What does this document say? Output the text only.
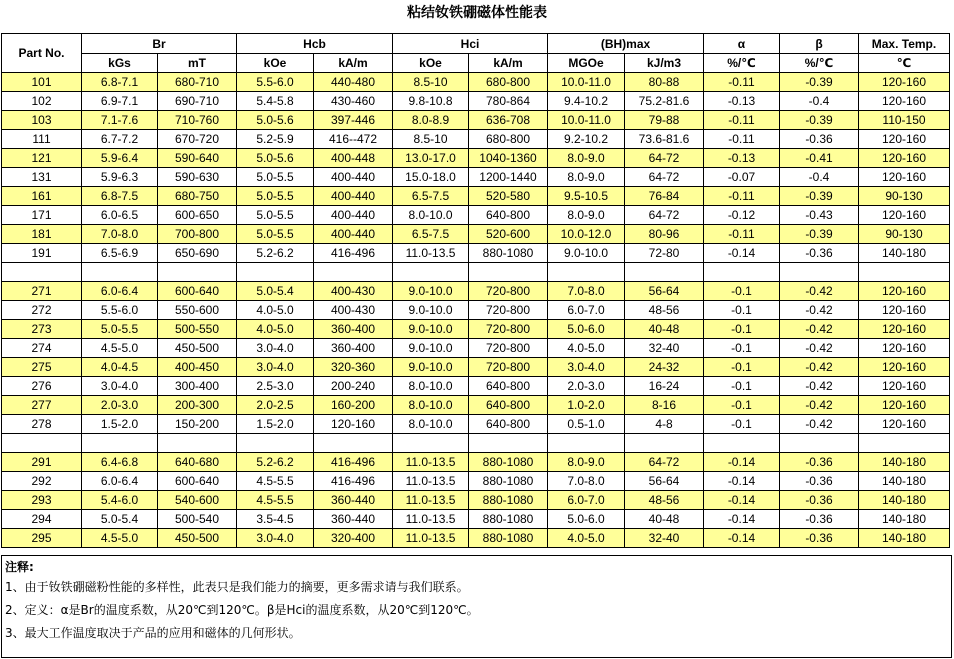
粘结钕铁硼磁体性能表
Part No.	Br		Hcb		Hci		(BH)max		α	β	Max. Temp.
	kGs	mT	kOe	kA/m	kOe	kA/m	MGOe	kJ/m3	%/℃	%/℃	℃
101	6.8-7.1	680-710	5.5-6.0	440-480	8.5-10	680-800	10.0-11.0	80-88	-0.11	-0.39	120-160
102	6.9-7.1	690-710	5.4-5.8	430-460	9.8-10.8	780-864	9.4-10.2	75.2-81.6	-0.13	-0.4	120-160
103	7.1-7.6	710-760	5.0-5.6	397-446	8.0-8.9	636-708	10.0-11.0	79-88	-0.11	-0.39	110-150
111	6.7-7.2	670-720	5.2-5.9	416--472	8.5-10	680-800	9.2-10.2	73.6-81.6	-0.11	-0.36	120-160
121	5.9-6.4	590-640	5.0-5.6	400-448	13.0-17.0	1040-1360	8.0-9.0	64-72	-0.13	-0.41	120-160
131	5.9-6.3	590-630	5.0-5.5	400-440	15.0-18.0	1200-1440	8.0-9.0	64-72	-0.07	-0.4	120-160
161	6.8-7.5	680-750	5.0-5.5	400-440	6.5-7.5	520-580	9.5-10.5	76-84	-0.11	-0.39	90-130
171	6.0-6.5	600-650	5.0-5.5	400-440	8.0-10.0	640-800	8.0-9.0	64-72	-0.12	-0.43	120-160
181	7.0-8.0	700-800	5.0-5.5	400-440	6.5-7.5	520-600	10.0-12.0	80-96	-0.11	-0.39	90-130
191	6.5-6.9	650-690	5.2-6.2	416-496	11.0-13.5	880-1080	9.0-10.0	72-80	-0.14	-0.36	140-180

271	6.0-6.4	600-640	5.0-5.4	400-430	9.0-10.0	720-800	7.0-8.0	56-64	-0.1	-0.42	120-160
272	5.5-6.0	550-600	4.0-5.0	400-430	9.0-10.0	720-800	6.0-7.0	48-56	-0.1	-0.42	120-160
273	5.0-5.5	500-550	4.0-5.0	360-400	9.0-10.0	720-800	5.0-6.0	40-48	-0.1	-0.42	120-160
274	4.5-5.0	450-500	3.0-4.0	360-400	9.0-10.0	720-800	4.0-5.0	32-40	-0.1	-0.42	120-160
275	4.0-4.5	400-450	3.0-4.0	320-360	9.0-10.0	720-800	3.0-4.0	24-32	-0.1	-0.42	120-160
276	3.0-4.0	300-400	2.5-3.0	200-240	8.0-10.0	640-800	2.0-3.0	16-24	-0.1	-0.42	120-160
277	2.0-3.0	200-300	2.0-2.5	160-200	8.0-10.0	640-800	1.0-2.0	8-16	-0.1	-0.42	120-160
278	1.5-2.0	150-200	1.5-2.0	120-160	8.0-10.0	640-800	0.5-1.0	4-8	-0.1	-0.42	120-160

291	6.4-6.8	640-680	5.2-6.2	416-496	11.0-13.5	880-1080	8.0-9.0	64-72	-0.14	-0.36	140-180
292	6.0-6.4	600-640	4.5-5.5	416-496	11.0-13.5	880-1080	7.0-8.0	56-64	-0.14	-0.36	140-180
293	5.4-6.0	540-600	4.5-5.5	360-440	11.0-13.5	880-1080	6.0-7.0	48-56	-0.14	-0.36	140-180
294	5.0-5.4	500-540	3.5-4.5	360-440	11.0-13.5	880-1080	5.0-6.0	40-48	-0.14	-0.36	140-180
295	4.5-5.0	450-500	3.0-4.0	320-400	11.0-13.5	880-1080	4.0-5.0	32-40	-0.14	-0.36	140-180
注释:
1、由于钕铁硼磁粉性能的多样性，此表只是我们能力的摘要，更多需求请与我们联系。
2、定义：α是Br的温度系数，从20℃到120℃。β是Hci的温度系数，从20℃到120℃。
3、最大工作温度取决于产品的应用和磁体的几何形状。
